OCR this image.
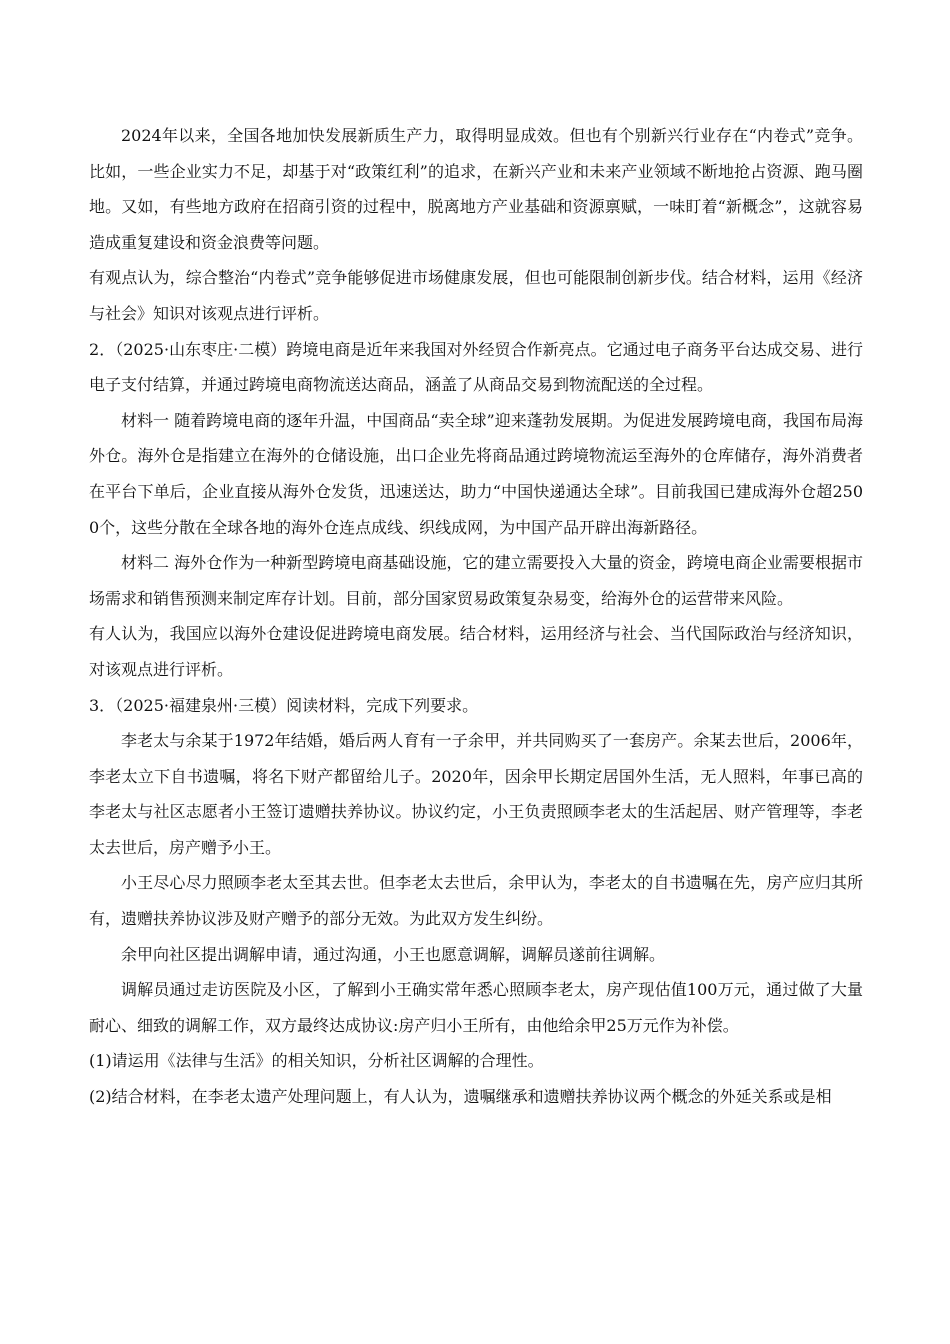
2024年以来，全国各地加快发展新质生产力，取得明显成效。但也有个别新兴行业存在“内卷式”竞争。比如，一些企业实力不足，却基于对“政策红利”的追求，在新兴产业和未来产业领域不断地抢占资源、跑马圈地。又如，有些地方政府在招商引资的过程中，脱离地方产业基础和资源禀赋，一味盯着“新概念”，这就容易造成重复建设和资金浪费等问题。

有观点认为，综合整治“内卷式”竞争能够促进市场健康发展，但也可能限制创新步伐。结合材料，运用《经济与社会》知识对该观点进行评析。

2．（2025·山东枣庄·二模）跨境电商是近年来我国对外经贸合作新亮点。它通过电子商务平台达成交易、进行电子支付结算，并通过跨境电商物流送达商品，涵盖了从商品交易到物流配送的全过程。

材料一 随着跨境电商的逐年升温，中国商品“卖全球”迎来蓬勃发展期。为促进发展跨境电商，我国布局海外仓。海外仓是指建立在海外的仓储设施，出口企业先将商品通过跨境物流运至海外的仓库储存，海外消费者在平台下单后，企业直接从海外仓发货，迅速送达，助力“中国快递通达全球”。目前我国已建成海外仓超2500个，这些分散在全球各地的海外仓连点成线、织线成网，为中国产品开辟出海新路径。

材料二 海外仓作为一种新型跨境电商基础设施，它的建立需要投入大量的资金，跨境电商企业需要根据市场需求和销售预测来制定库存计划。目前，部分国家贸易政策复杂易变，给海外仓的运营带来风险。

有人认为，我国应以海外仓建设促进跨境电商发展。结合材料，运用经济与社会、当代国际政治与经济知识，对该观点进行评析。

3．（2025·福建泉州·三模）阅读材料，完成下列要求。

李老太与余某于1972年结婚，婚后两人育有一子余甲，并共同购买了一套房产。余某去世后，2006年，李老太立下自书遗嘱，将名下财产都留给儿子。2020年，因余甲长期定居国外生活，无人照料，年事已高的李老太与社区志愿者小王签订遗赠扶养协议。协议约定，小王负责照顾李老太的生活起居、财产管理等，李老太去世后，房产赠予小王。

小王尽心尽力照顾李老太至其去世。但李老太去世后，余甲认为，李老太的自书遗嘱在先，房产应归其所有，遗赠扶养协议涉及财产赠予的部分无效。为此双方发生纠纷。

余甲向社区提出调解申请，通过沟通，小王也愿意调解，调解员遂前往调解。

调解员通过走访医院及小区，了解到小王确实常年悉心照顾李老太，房产现估值100万元，通过做了大量耐心、细致的调解工作，双方最终达成协议:房产归小王所有，由他给余甲25万元作为补偿。

(1)请运用《法律与生活》的相关知识，分析社区调解的合理性。

(2)结合材料，在李老太遗产处理问题上，有人认为，遗嘱继承和遗赠扶养协议两个概念的外延关系或是相
